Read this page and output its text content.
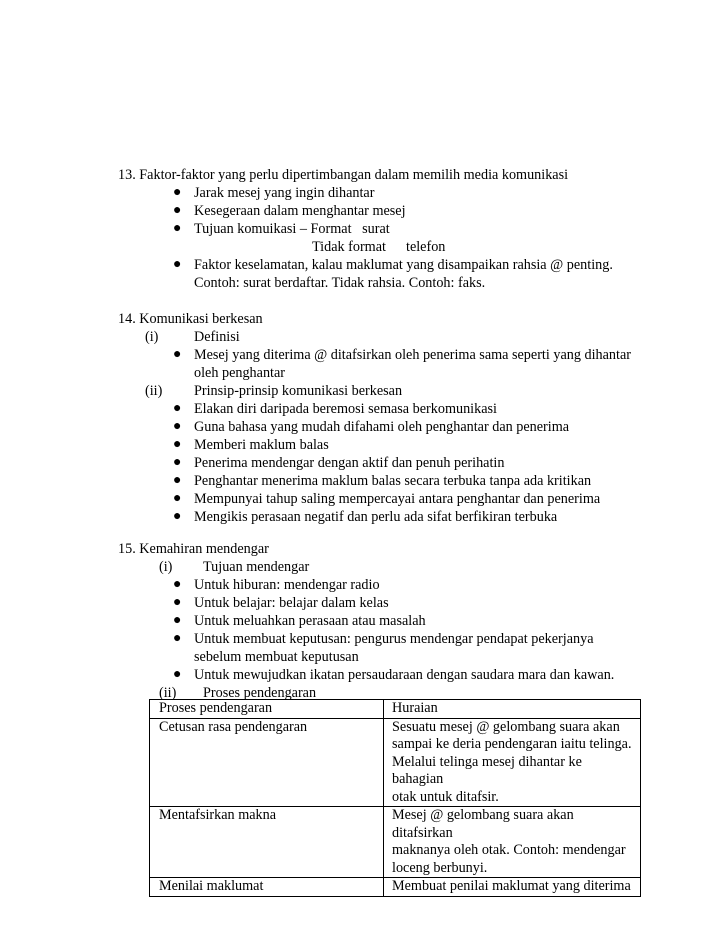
13. Faktor-faktor yang perlu dipertimbangan dalam memilih media komunikasi
● Jarak mesej yang ingin dihantar
● Kesegeraan dalam menghantar mesej
● Tujuan komuikasi – Format   surat
Tidak format telefon
● Faktor keselamatan, kalau maklumat yang disampaikan rahsia @ penting.
Contoh: surat berdaftar. Tidak rahsia. Contoh: faks.
14. Komunikasi berkesan
(i)	Definisi
● Mesej yang diterima @ ditafsirkan oleh penerima sama seperti yang dihantar
oleh penghantar
(ii) Prinsip-prinsip komunikasi berkesan
● Elakan diri daripada beremosi semasa berkomunikasi
● Guna bahasa yang mudah difahami oleh penghantar dan penerima
● Memberi maklum balas
● Penerima mendengar dengan aktif dan penuh perihatin
● Penghantar menerima maklum balas secara terbuka tanpa ada kritikan
● Mempunyai tahup saling mempercayai antara penghantar dan penerima
● Mengikis perasaan negatif dan perlu ada sifat berfikiran terbuka
15. Kemahiran mendengar
(i) Tujuan mendengar
● Untuk hiburan: mendengar radio
● Untuk belajar: belajar dalam kelas
● Untuk meluahkan perasaan atau masalah
● Untuk membuat keputusan: pengurus mendengar pendapat pekerjanya
sebelum membuat keputusan
● Untuk mewujudkan ikatan persaudaraan dengan saudara mara dan kawan.
(ii) Proses pendengaran
Proses pendengaran	Huraian
Cetusan rasa pendengaran	Sesuatu mesej @ gelombang suara akan
sampai ke deria pendengaran iaitu telinga.
Melalui telinga mesej dihantar ke bahagian
otak untuk ditafsir.

Mentafsirkan makna	Mesej @ gelombang suara akan ditafsirkan
maknanya oleh otak. Contoh: mendengar
loceng berbunyi.

Menilai maklumat	Membuat penilai maklumat yang diterima
